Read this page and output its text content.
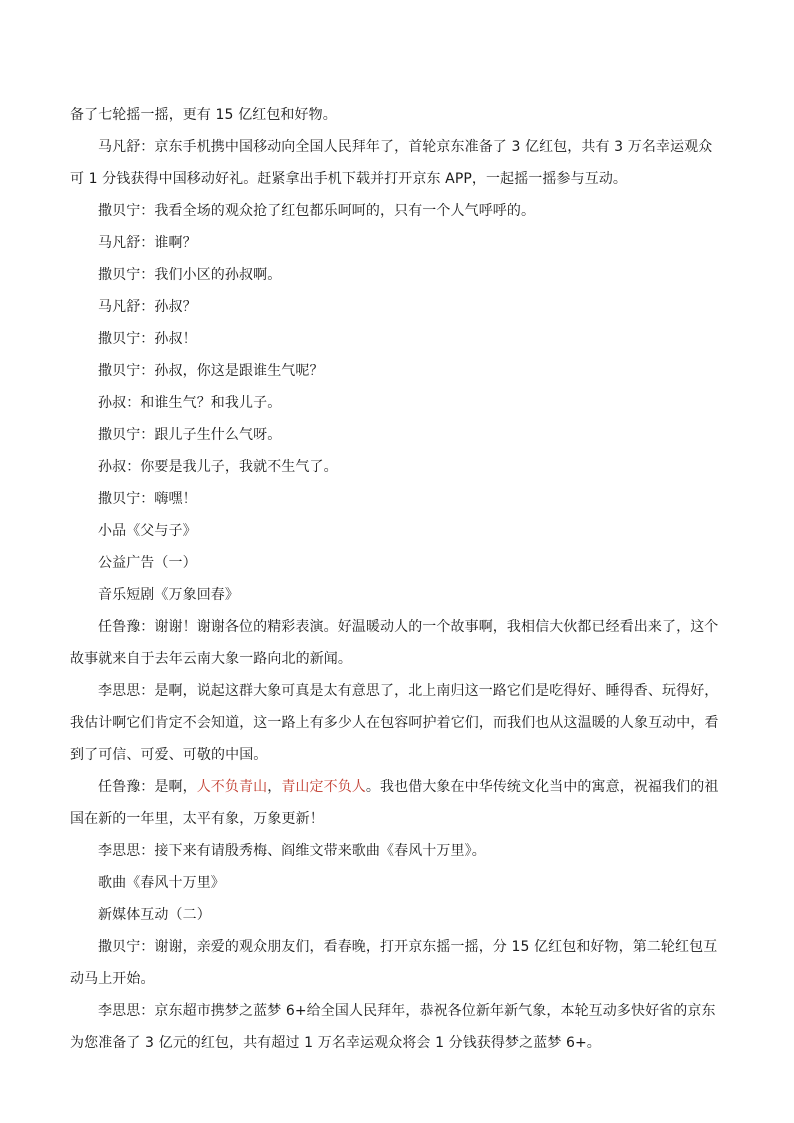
备了七轮摇一摇，更有 15 亿红包和好物。

马凡舒：京东手机携中国移动向全国人民拜年了，首轮京东准备了 3 亿红包，共有 3 万名幸运观众可 1 分钱获得中国移动好礼。赶紧拿出手机下载并打开京东 APP，一起摇一摇参与互动。

撒贝宁：我看全场的观众抢了红包都乐呵呵的，只有一个人气呼呼的。

马凡舒：谁啊？

撒贝宁：我们小区的孙叔啊。

马凡舒：孙叔？

撒贝宁：孙叔！

撒贝宁：孙叔，你这是跟谁生气呢？

孙叔：和谁生气？和我儿子。

撒贝宁：跟儿子生什么气呀。

孙叔：你要是我儿子，我就不生气了。

撒贝宁：嗨嘿！

小品《父与子》

公益广告（一）

音乐短剧《万象回春》

任鲁豫：谢谢！谢谢各位的精彩表演。好温暖动人的一个故事啊，我相信大伙都已经看出来了，这个故事就来自于去年云南大象一路向北的新闻。

李思思：是啊，说起这群大象可真是太有意思了，北上南归这一路它们是吃得好、睡得香、玩得好，我估计啊它们肯定不会知道，这一路上有多少人在包容呵护着它们，而我们也从这温暖的人象互动中，看到了可信、可爱、可敬的中国。

任鲁豫：是啊，人不负青山，青山定不负人。我也借大象在中华传统文化当中的寓意，祝福我们的祖国在新的一年里，太平有象，万象更新！

李思思：接下来有请殷秀梅、阎维文带来歌曲《春风十万里》。

歌曲《春风十万里》

新媒体互动（二）

撒贝宁：谢谢，亲爱的观众朋友们，看春晚，打开京东摇一摇，分 15 亿红包和好物，第二轮红包互动马上开始。

李思思：京东超市携梦之蓝梦 6+给全国人民拜年，恭祝各位新年新气象，本轮互动多快好省的京东为您准备了 3 亿元的红包，共有超过 1 万名幸运观众将会 1 分钱获得梦之蓝梦 6+。
